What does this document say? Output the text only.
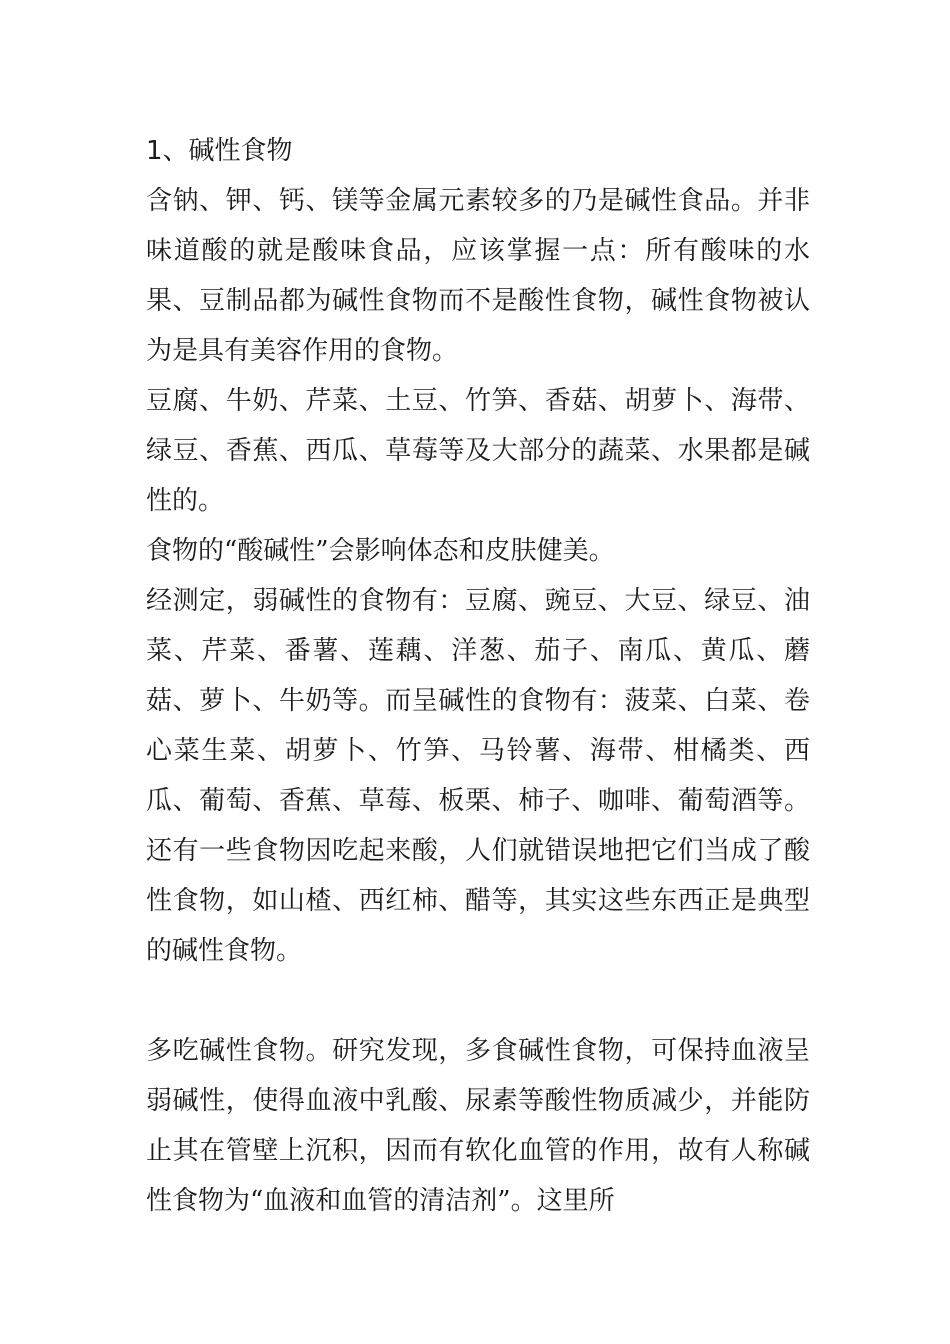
1、碱性食物

含钠、钾、钙、镁等金属元素较多的乃是碱性食品。并非味道酸的就是酸味食品，应该掌握一点：所有酸味的水果、豆制品都为碱性食物而不是酸性食物，碱性食物被认为是具有美容作用的食物。

豆腐、牛奶、芹菜、土豆、竹笋、香菇、胡萝卜、海带、绿豆、香蕉、西瓜、草莓等及大部分的蔬菜、水果都是碱性的。

食物的“酸碱性”会影响体态和皮肤健美。

经测定，弱碱性的食物有：豆腐、豌豆、大豆、绿豆、油菜、芹菜、番薯、莲藕、洋葱、茄子、南瓜、黄瓜、蘑菇、萝卜、牛奶等。而呈碱性的食物有：菠菜、白菜、卷心菜生菜、胡萝卜、竹笋、马铃薯、海带、柑橘类、西瓜、葡萄、香蕉、草莓、板栗、柿子、咖啡、葡萄酒等。还有一些食物因吃起来酸，人们就错误地把它们当成了酸性食物，如山楂、西红柿、醋等，其实这些东西正是典型的碱性食物。

多吃碱性食物。研究发现，多食碱性食物，可保持血液呈弱碱性，使得血液中乳酸、尿素等酸性物质减少，并能防止其在管壁上沉积，因而有软化血管的作用，故有人称碱性食物为“血液和血管的清洁剂”。这里所
